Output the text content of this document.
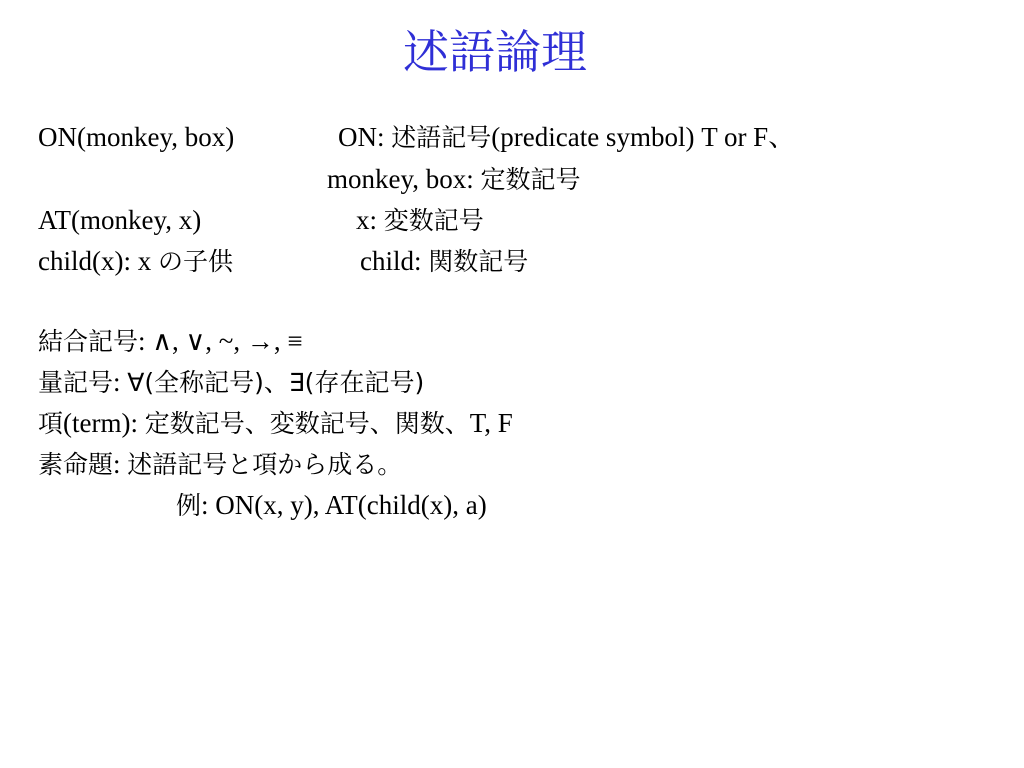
述語論理
ON(monkey, box)	ON: 述語記号(predicate symbol) T or F、
monkey, box: 定数記号
AT(monkey, x)	x: 変数記号
child(x): x の子供	child: 関数記号
結合記号: ∧, ∨, ~, →, ≡
量記号: ∀(全称記号)、∃(存在記号)
項(term): 定数記号、変数記号、関数、T, F
素命題: 述語記号と項から成る。
例: ON(x, y), AT(child(x), a)
